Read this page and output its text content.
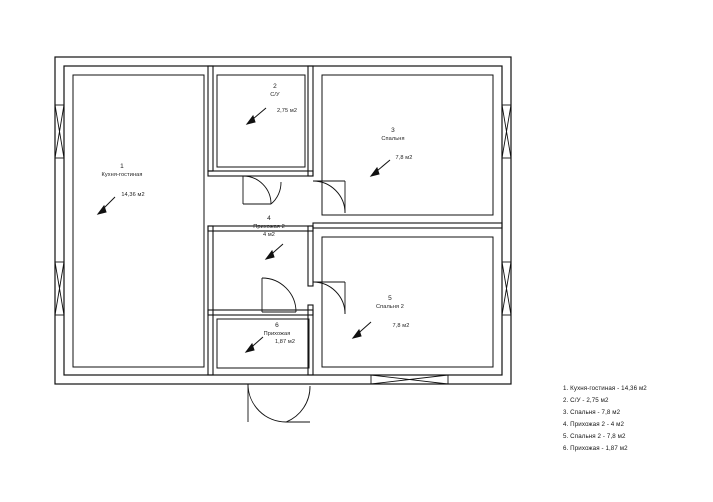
1
Кухня-гостиная
14,36 м2
2
С/У
2,75 м2
3
Спальня
7,8 м2
4
Прихожая 2
4 м2
5
Спальня 2
7,8 м2
6
Прихожая
1,87 м2
1. Кухня-гостиная - 14,36 м2
2. С/У - 2,75 м2
3. Спальня - 7,8 м2
4. Прихожая 2 - 4 м2
5. Спальня 2 - 7,8 м2
6. Прихожая - 1,87 м2
